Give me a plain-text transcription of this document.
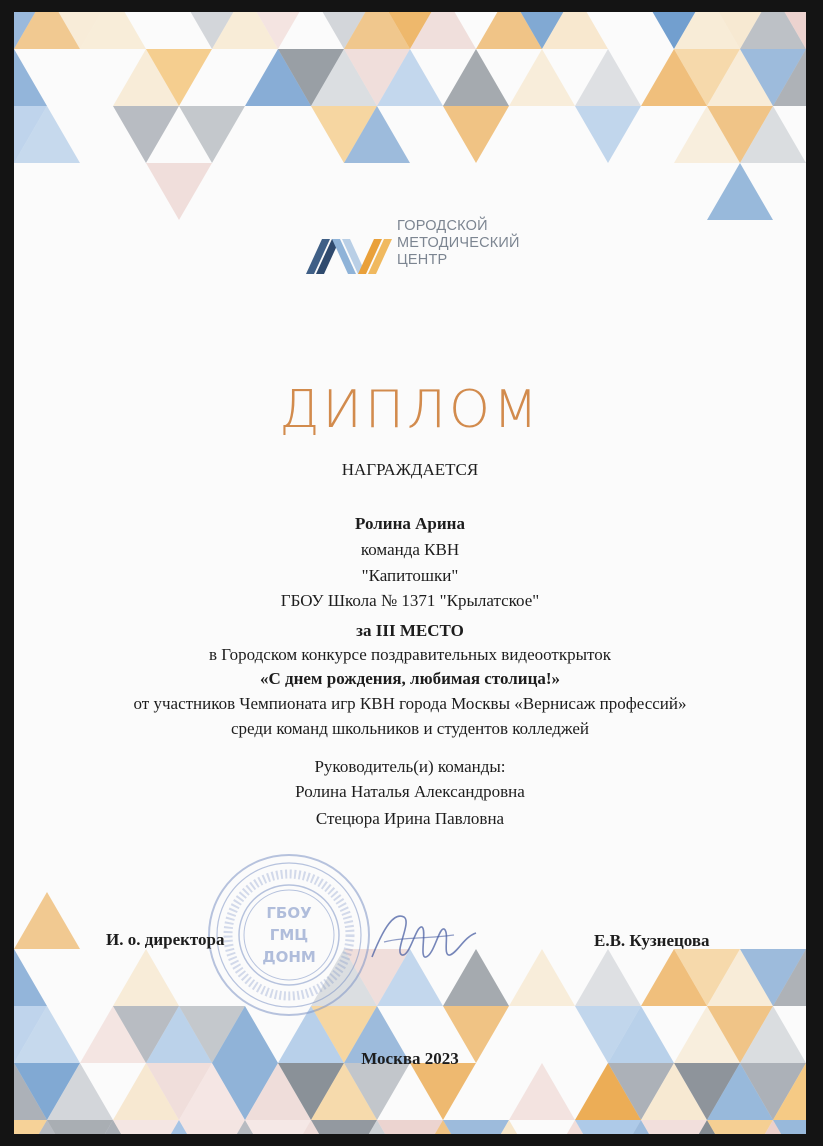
ГОРОДСКОЙ
МЕТОДИЧЕСКИЙ
ЦЕНТР
ДИПЛОМ
НАГРАЖДАЕТСЯ
Ролина Арина
команда КВН
"Капитошки"
ГБОУ Школа № 1371 "Крылатское"
за III МЕСТО
в Городском конкурсе поздравительных видеооткрыток
«С днем рождения, любимая столица!»
от участников Чемпионата игр КВН города Москвы «Вернисаж профессий»
среди команд школьников и студентов колледжей
Руководитель(и) команды:
Ролина Наталья Александровна
Стецюра Ирина Павловна
ГБОУ
ГМЦ
ДОНМ
И. о. директора	Е.В. Кузнецова
Москва 2023
